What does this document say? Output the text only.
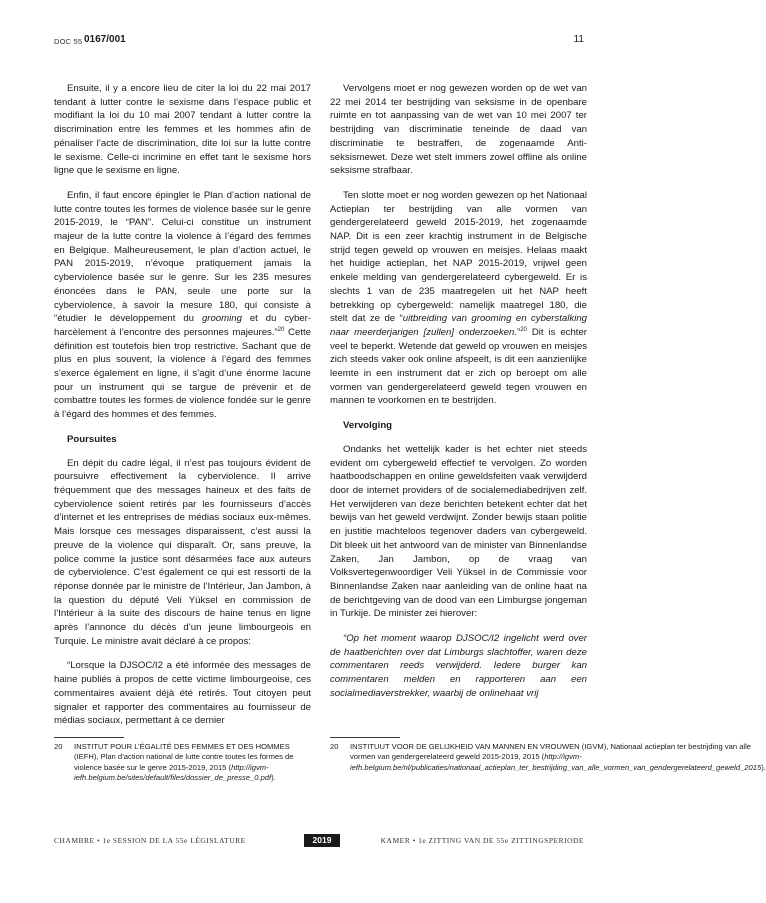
DOC 55 0167/001	11

Ensuite, il y a encore lieu de citer la loi du 22 mai 2017 tendant à lutter contre le sexisme dans l’espace public et modifiant la loi du 10 mai 2007 tendant à lutter contre la discrimination entre les femmes et les hommes afin de pénaliser l’acte de discrimination, dite loi sur la lutte contre le sexisme. Celle-ci incrimine en effet tant le sexisme hors ligne que le sexisme en ligne.

Enfin, il faut encore épingler le Plan d’action national de lutte contre toutes les formes de violence basée sur le genre 2015-2019, le “PAN”. Celui-ci constitue un instrument majeur de la lutte contre la violence à l’égard des femmes en Belgique. Malheureusement, le plan d’action actuel, le PAN 2015-2019, n’évoque pratiquement jamais la cyberviolence basée sur le genre. Sur les 235 mesures énoncées dans le PAN, seule une porte sur la cyberviolence, à savoir la mesure 180, qui consiste à “étudier le développement du grooming et du cyber-harcèlement à l’encontre des personnes majeures.”$^{20}$ Cette définition est toutefois bien trop restrictive. Sachant que de plus en plus souvent, la violence à l’égard des femmes s’exerce également en ligne, il s’agit d’une énorme lacune pour un instrument qui se targue de prévenir et de combattre toutes les formes de violence fondée sur le genre à l’égard des hommes et des femmes.

Poursuites

En dépit du cadre légal, il n’est pas toujours évident de poursuivre effectivement la cyberviolence. Il arrive fréquemment que des messages haineux et des faits de cyberviolence soient retirés par les fournisseurs d’accès d’internet et les entreprises de médias sociaux eux-mêmes. Mais lorsque ces messages disparaissent, c’est aussi la preuve de la violence qui disparaît. Or, sans preuve, la police comme la justice sont désarmées face aux auteurs de cyberviolence. C’est également ce qui est ressorti de la réponse donnée par le ministre de l’Intérieur, Jan Jambon, à la question du député Veli Yüksel en commission de l’Intérieur à la suite des discours de haine tenus en ligne après l’annonce du décès d’un jeune limbourgeois en Turquie. Le ministre avait déclaré à ce propos:

“Lorsque la DJSOC/I2 a été informée des messages de haine publiés à propos de cette victime limbourgeoise, ces commentaires avaient déjà été retirés. Tout citoyen peut signaler et rapporter des commentaires au fournisseur de médias sociaux, permettant à ce dernier

Vervolgens moet er nog gewezen worden op de wet van 22 mei 2014 ter bestrijding van seksisme in de openbare ruimte en tot aanpassing van de wet van 10 mei 2007 ter bestrijding van discriminatie teneinde de daad van discriminatie te bestraffen, de zogenaamde Anti-seksismewet. Deze wet stelt immers zowel offline als online seksisme strafbaar.

Ten slotte moet er nog worden gewezen op het Nationaal Actieplan ter bestrijding van alle vormen van gendergerelateerd geweld 2015-2019, het zogenaamde NAP. Dit is een zeer krachtig instrument in de Belgische strijd tegen geweld op vrouwen en meisjes. Helaas maakt het huidige actieplan, het NAP 2015-2019, vrijwel geen enkele melding van gendergerelateerd cybergeweld. Er is slechts 1 van de 235 maatregelen uit het NAP heeft betrekking op cybergeweld: namelijk maatregel 180, die stelt dat ze de “uitbreiding van grooming en cyberstalking naar meerderjarigen [zullen] onderzoeken.”$^{20}$ Dit is echter veel te beperkt. Wetende dat geweld op vrouwen en meisjes zich steeds vaker ook online afspeelt, is dit een aanzienlijke leemte in een instrument dat er zich op beroept om alle vormen van gendergerelateerd geweld tegen vrouwen en mannen te voorkomen en te bestrijden.

Vervolging

Ondanks het wettelijk kader is het echter niet steeds evident om cybergeweld effectief te vervolgen. Zo worden haatboodschappen en online geweldsfeiten vaak verwijderd door de internet providers of de socialemediabedrijven zelf. Het verwijderen van deze berichten betekent echter dat het bewijs van het geweld verdwijnt. Zonder bewijs staan politie en justitie machteloos tegenover daders van cybergeweld. Dit bleek uit het antwoord van de minister van Binnenlandse Zaken, Jan Jambon, op de vraag van Volksvertegenwoordiger Veli Yüksel in de Commissie voor Binnenlandse Zaken naar aanleiding van de online haat na de berichtgeving van de dood van een Limburgse jongeman in Turkije. De minister zei hierover:

“Op het moment waarop DJSOC/I2 ingelicht werd over de haatberichten over dat Limburgs slachtoffer, waren deze commentaren reeds verwijderd. Iedere burger kan commentaren melden en rapporteren aan een socialmediaverstrekker, waarbij de onlinehaat vrij

20	INSTITUT POUR L’ÉGALITÉ DES FEMMES ET DES HOMMES (IEFH), Plan d’action national de lutte contre toutes les formes de violence basée sur le genre 2015-2019, 2015 (http://igvm-iefh.belgium.be/sites/default/files/dossier_de_presse_0.pdf).
20	INSTITUUT VOOR DE GELIJKHEID VAN MANNEN EN VROUWEN (IGVM), Nationaal actieplan ter bestrijding van alle vormen van gendergerelateerd geweld 2015-2019, 2015 (http://igvm-iefh.belgium.be/nl/publicaties/nationaal_actieplan_ter_bestrijding_van_alle_vormen_van_gendergerelateerd_geweld_2015).
CHAMBRE • 1e SESSION DE LA 55e LÉGISLATURE	2019	KAMER • 1e ZITTING VAN DE 55e ZITTINGSPERIODE
